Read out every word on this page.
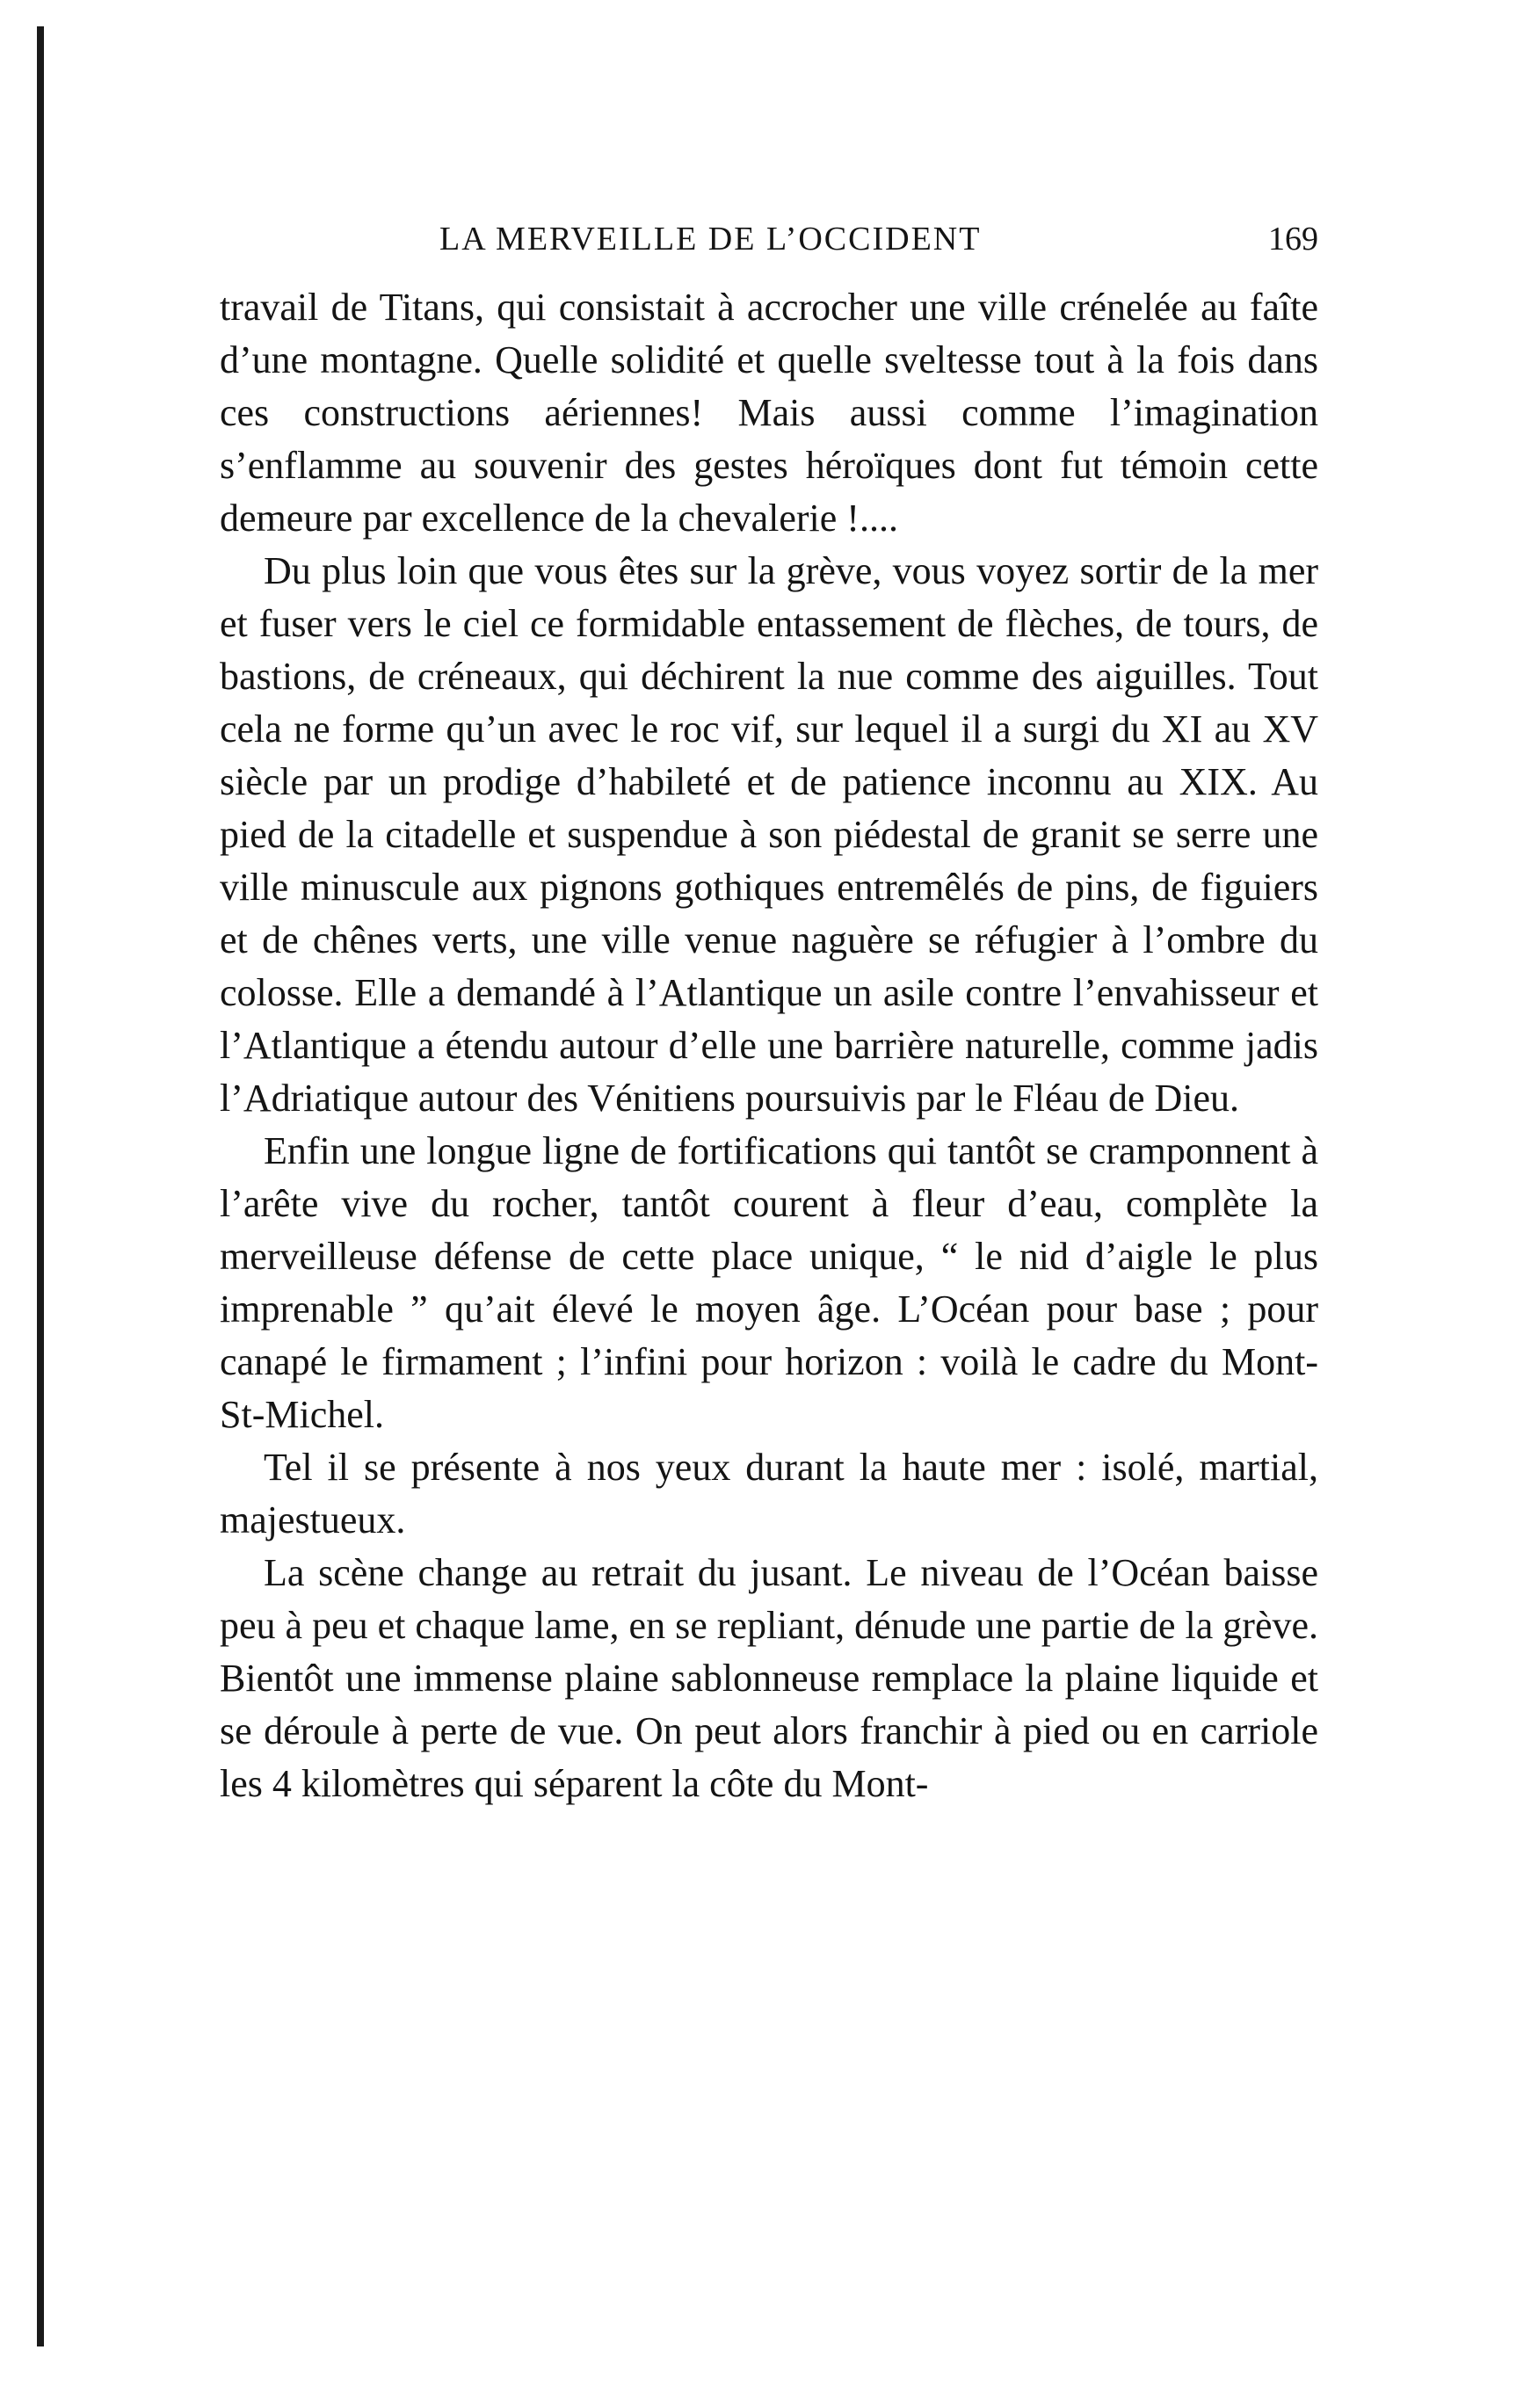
LA MERVEILLE DE L’OCCIDENT	169

travail de Titans, qui consistait à accrocher une ville crénelée au faîte d’une montagne. Quelle solidité et quelle sveltesse tout à la fois dans ces constructions aériennes! Mais aussi comme l’imagination s’enflamme au souvenir des gestes héroïques dont fut témoin cette demeure par excellence de la chevalerie !....

Du plus loin que vous êtes sur la grève, vous voyez sortir de la mer et fuser vers le ciel ce formidable entassement de flèches, de tours, de bastions, de créneaux, qui déchirent la nue comme des aiguilles. Tout cela ne forme qu’un avec le roc vif, sur lequel il a surgi du XI au XV siècle par un prodige d’habileté et de patience inconnu au XIX. Au pied de la citadelle et suspendue à son piédestal de granit se serre une ville minuscule aux pignons gothiques entremêlés de pins, de figuiers et de chênes verts, une ville venue naguère se réfugier à l’ombre du colosse. Elle a demandé à l’Atlantique un asile contre l’envahisseur et l’Atlantique a étendu autour d’elle une barrière naturelle, comme jadis l’Adriatique autour des Vénitiens poursuivis par le Fléau de Dieu.

Enfin une longue ligne de fortifications qui tantôt se cramponnent à l’arête vive du rocher, tantôt courent à fleur d’eau, complète la merveilleuse défense de cette place unique, “ le nid d’aigle le plus imprenable ” qu’ait élevé le moyen âge. L’Océan pour base ; pour canapé le firmament ; l’infini pour horizon : voilà le cadre du Mont-St-Michel.

Tel il se présente à nos yeux durant la haute mer : isolé, martial, majestueux.

La scène change au retrait du jusant. Le niveau de l’Océan baisse peu à peu et chaque lame, en se repliant, dénude une partie de la grève. Bientôt une immense plaine sablonneuse remplace la plaine liquide et se déroule à perte de vue. On peut alors franchir à pied ou en carriole les 4 kilomètres qui séparent la côte du Mont-
